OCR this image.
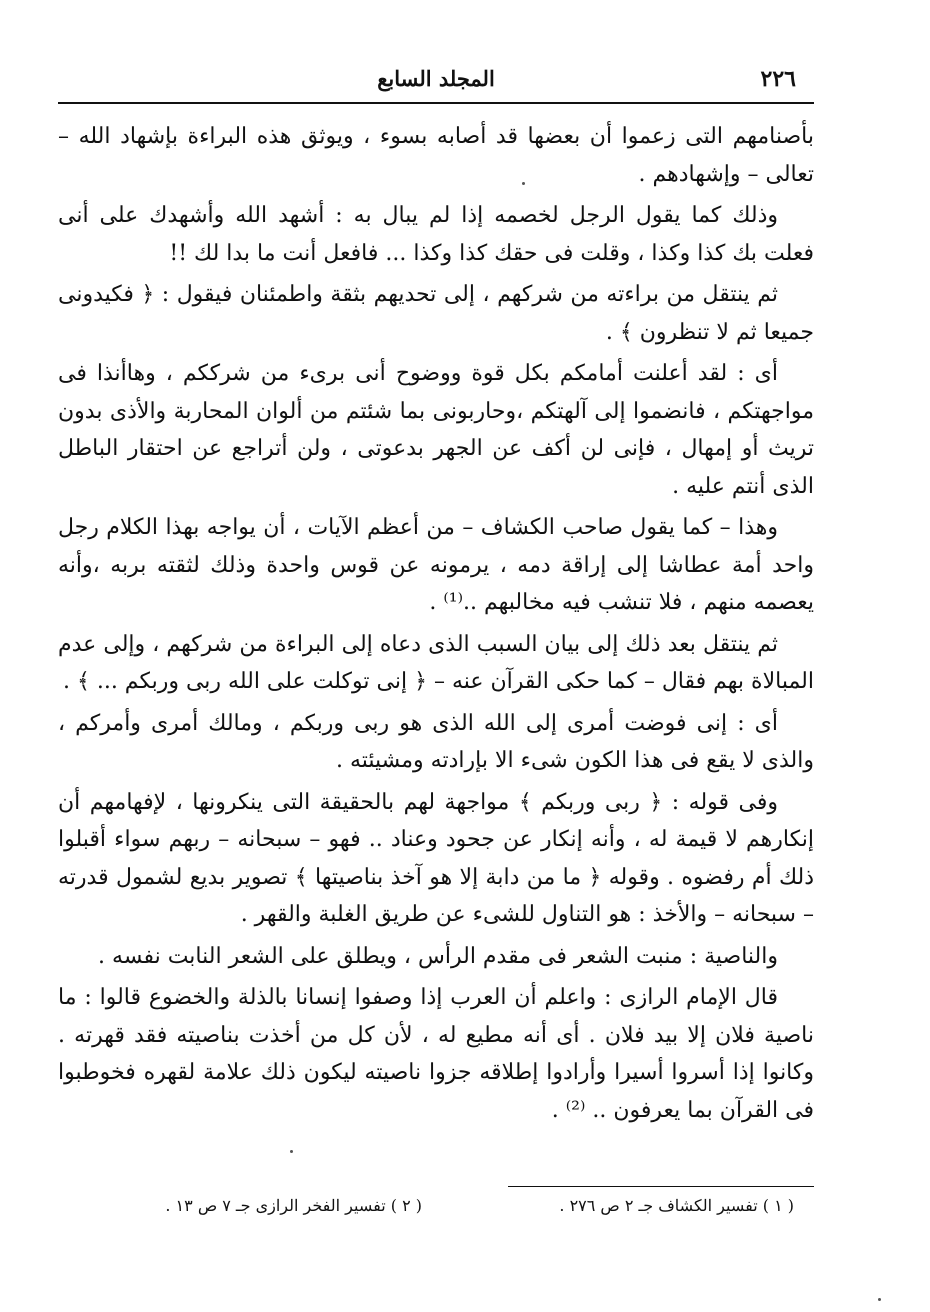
٢٢٦
المجلد السابع

بأصنامهم التى زعموا أن بعضها قد أصابه بسوء ، ويوثق هذه البراءة بإشهاد الله – تعالى – وإشهادهم .

وذلك كما يقول الرجل لخصمه إذا لم يبال به : أشهد الله وأشهدك على أنى فعلت بك كذا وكذا ، وقلت فى حقك كذا وكذا ... فافعل أنت ما بدا لك !!

ثم ينتقل من براءته من شركهم ، إلى تحديهم بثقة واطمئنان فيقول : ﴿ فكيدونى جميعا ثم لا تنظرون ﴾ .

أى : لقد أعلنت أمامكم بكل قوة ووضوح أنى برىء من شرككم ، وهاأنذا فى مواجهتكم ، فانضموا إلى آلهتكم ،وحاربونى بما شئتم من ألوان المحاربة والأذى بدون تريث أو إمهال ، فإنى لن أكف عن الجهر بدعوتى ، ولن أتراجع عن احتقار الباطل الذى أنتم عليه .

وهذا – كما يقول صاحب الكشاف – من أعظم الآيات ، أن يواجه بهذا الكلام رجل واحد أمة عطاشا إلى إراقة دمه ، يرمونه عن قوس واحدة وذلك لثقته بربه ،وأنه يعصمه منهم ، فلا تنشب فيه مخالبهم ..⁽¹⁾ .

ثم ينتقل بعد ذلك إلى بيان السبب الذى دعاه إلى البراءة من شركهم ، وإلى عدم المبالاة بهم فقال – كما حكى القرآن عنه – ﴿ إنى توكلت على الله ربى وربكم ... ﴾ .

أى : إنى فوضت أمرى إلى الله الذى هو ربى وربكم ، ومالك أمرى وأمركم ، والذى لا يقع فى هذا الكون شىء الا بإرادته ومشيئته .

وفى قوله : ﴿ ربى وربكم ﴾ مواجهة لهم بالحقيقة التى ينكرونها ، لإفهامهم أن إنكارهم لا قيمة له ، وأنه إنكار عن جحود وعناد .. فهو – سبحانه – ربهم سواء أقبلوا ذلك أم رفضوه . وقوله ﴿ ما من دابة إلا هو آخذ بناصيتها ﴾ تصوير بديع لشمول قدرته – سبحانه – والأخذ : هو التناول للشىء عن طريق الغلبة والقهر .

والناصية : منبت الشعر فى مقدم الرأس ، ويطلق على الشعر النابت نفسه .

قال الإمام الرازى : واعلم أن العرب إذا وصفوا إنسانا بالذلة والخضوع قالوا : ما ناصية فلان إلا بيد فلان . أى أنه مطيع له ، لأن كل من أخذت بناصيته فقد قهرته . وكانوا إذا أسروا أسيرا وأرادوا إطلاقه جزوا ناصيته ليكون ذلك علامة لقهره فخوطبوا فى القرآن بما يعرفون .. ⁽²⁾ .

( ١ ) تفسير الكشاف جـ ٢ ص ٢٧٦ .
( ٢ ) تفسير الفخر الرازى جـ ٧ ص ١٣ .
